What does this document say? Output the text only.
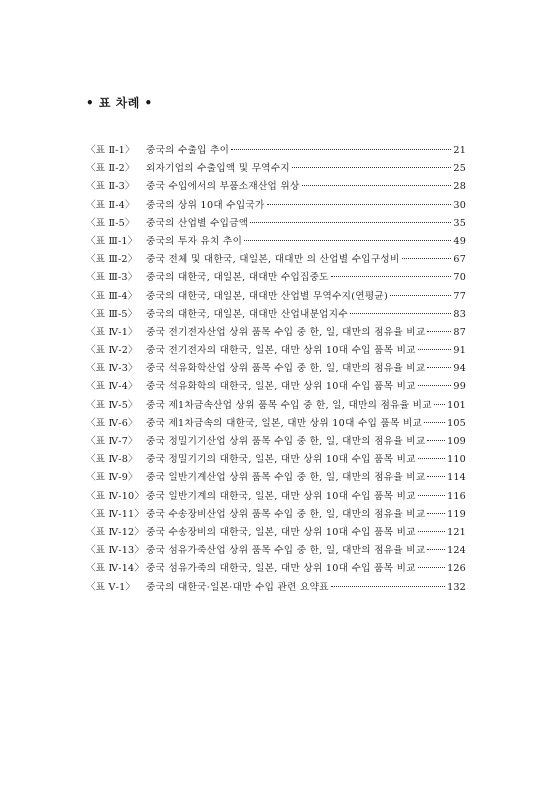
• 표 차례 •
〈표 Ⅱ-1〉	중국의 수출입 추이	21
〈표 Ⅱ-2〉	외자기업의 수출입액 및 무역수지	25
〈표 Ⅱ-3〉	중국 수입에서의 부품소재산업 위상	28
〈표 Ⅱ-4〉	중국의 상위 10대 수입국가	30
〈표 Ⅱ-5〉	중국의 산업별 수입금액	35
〈표 Ⅲ-1〉 중국의 투자 유치 추이	49
〈표 Ⅲ-2〉 중국 전체 및 대한국, 대일본, 대대만 의 산업별 수입구성비	67
〈표 Ⅲ-3〉 중국의 대한국, 대일본, 대대만 수입집중도	70
〈표 Ⅲ-4〉 중국의 대한국, 대일본, 대대만 산업별 무역수지(연평균)	77
〈표 Ⅲ-5〉 중국의 대한국, 대일본, 대대만 산업내분업지수	83
〈표 Ⅳ-1〉 중국 전기전자산업 상위 품목 수입 중 한, 일, 대만의 점유율 비교	87
〈표 Ⅳ-2〉 중국 전기전자의 대한국, 일본, 대만 상위 10대 수입 품목 비교	91
〈표 Ⅳ-3〉 중국 석유화학산업 상위 품목 수입 중 한, 일, 대만의 점유율 비교	94
〈표 Ⅳ-4〉 중국 석유화학의 대한국, 일본, 대만 상위 10대 수입 품목 비교	99
〈표 Ⅳ-5〉 중국 제1차금속산업 상위 품목 수입 중 한, 일, 대만의 점유율 비교 101
〈표 Ⅳ-6〉 중국 제1차금속의 대한국, 일본, 대만 상위 10대 수입 품목 비교	105
〈표 Ⅳ-7〉 중국 정밀기기산업 상위 품목 수입 중 한, 일, 대만의 점유율 비교 109
〈표 Ⅳ-8〉 중국 정밀기기의 대한국, 일본, 대만 상위 10대 수입 품목 비교	110
〈표 Ⅳ-9〉 중국 일반기계산업 상위 품목 수입 중 한, 일, 대만의 점유율 비교 114
〈표 Ⅳ-10〉 중국 일반기계의 대한국, 일본, 대만 상위 10대 수입 품목 비교	116
〈표 Ⅳ-11〉 중국 수송장비산업 상위 품목 수입 중 한, 일, 대만의 점유율 비교 119
〈표 Ⅳ-12〉 중국 수송장비의 대한국, 일본, 대만 상위 10대 수입 품목 비교	121
〈표 Ⅳ-13〉 중국 섬유가죽산업 상위 품목 수입 중 한, 일, 대만의 점유율 비교 124
〈표 Ⅳ-14〉 중국 섬유가죽의 대한국, 일본, 대만 상위 10대 수입 품목 비교	126
〈표 Ⅴ-1〉	중국의 대한국·일본·대만 수입 관련 요약표	132
